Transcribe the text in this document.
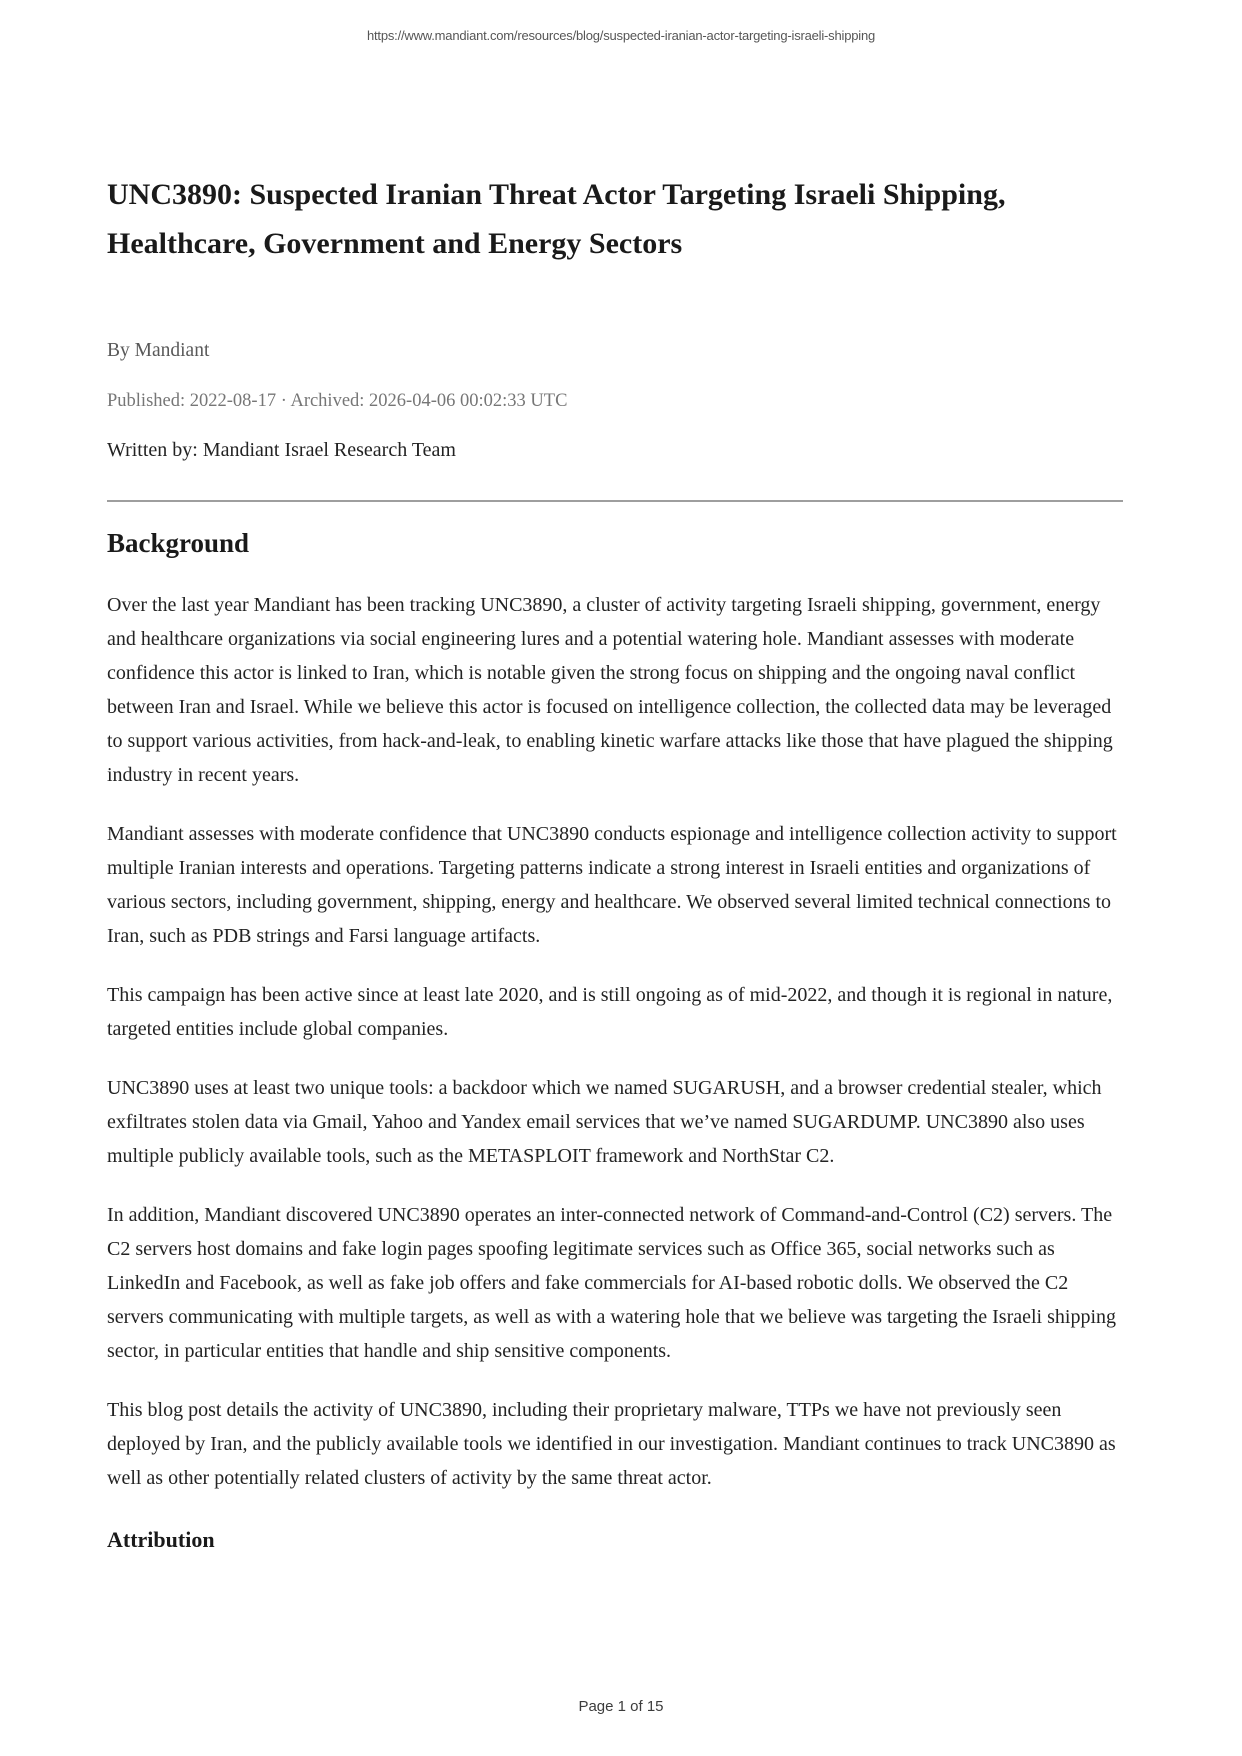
https://www.mandiant.com/resources/blog/suspected-iranian-actor-targeting-israeli-shipping
UNC3890: Suspected Iranian Threat Actor Targeting Israeli Shipping, Healthcare, Government and Energy Sectors

By Mandiant

Published: 2022-08-17 · Archived: 2026-04-06 00:02:33 UTC

Written by: Mandiant Israel Research Team

Background

Over the last year Mandiant has been tracking UNC3890, a cluster of activity targeting Israeli shipping, government, energy and healthcare organizations via social engineering lures and a potential watering hole. Mandiant assesses with moderate confidence this actor is linked to Iran, which is notable given the strong focus on shipping and the ongoing naval conflict between Iran and Israel. While we believe this actor is focused on intelligence collection, the collected data may be leveraged to support various activities, from hack-and-leak, to enabling kinetic warfare attacks like those that have plagued the shipping industry in recent years.

Mandiant assesses with moderate confidence that UNC3890 conducts espionage and intelligence collection activity to support multiple Iranian interests and operations. Targeting patterns indicate a strong interest in Israeli entities and organizations of various sectors, including government, shipping, energy and healthcare. We observed several limited technical connections to Iran, such as PDB strings and Farsi language artifacts.

This campaign has been active since at least late 2020, and is still ongoing as of mid-2022, and though it is regional in nature, targeted entities include global companies.

UNC3890 uses at least two unique tools: a backdoor which we named SUGARUSH, and a browser credential stealer, which exfiltrates stolen data via Gmail, Yahoo and Yandex email services that we’ve named SUGARDUMP. UNC3890 also uses multiple publicly available tools, such as the METASPLOIT framework and NorthStar C2.

In addition, Mandiant discovered UNC3890 operates an inter-connected network of Command-and-Control (C2) servers. The C2 servers host domains and fake login pages spoofing legitimate services such as Office 365, social networks such as LinkedIn and Facebook, as well as fake job offers and fake commercials for AI-based robotic dolls. We observed the C2 servers communicating with multiple targets, as well as with a watering hole that we believe was targeting the Israeli shipping sector, in particular entities that handle and ship sensitive components.

This blog post details the activity of UNC3890, including their proprietary malware, TTPs we have not previously seen deployed by Iran, and the publicly available tools we identified in our investigation. Mandiant continues to track UNC3890 as well as other potentially related clusters of activity by the same threat actor.

Attribution
Page 1 of 15
